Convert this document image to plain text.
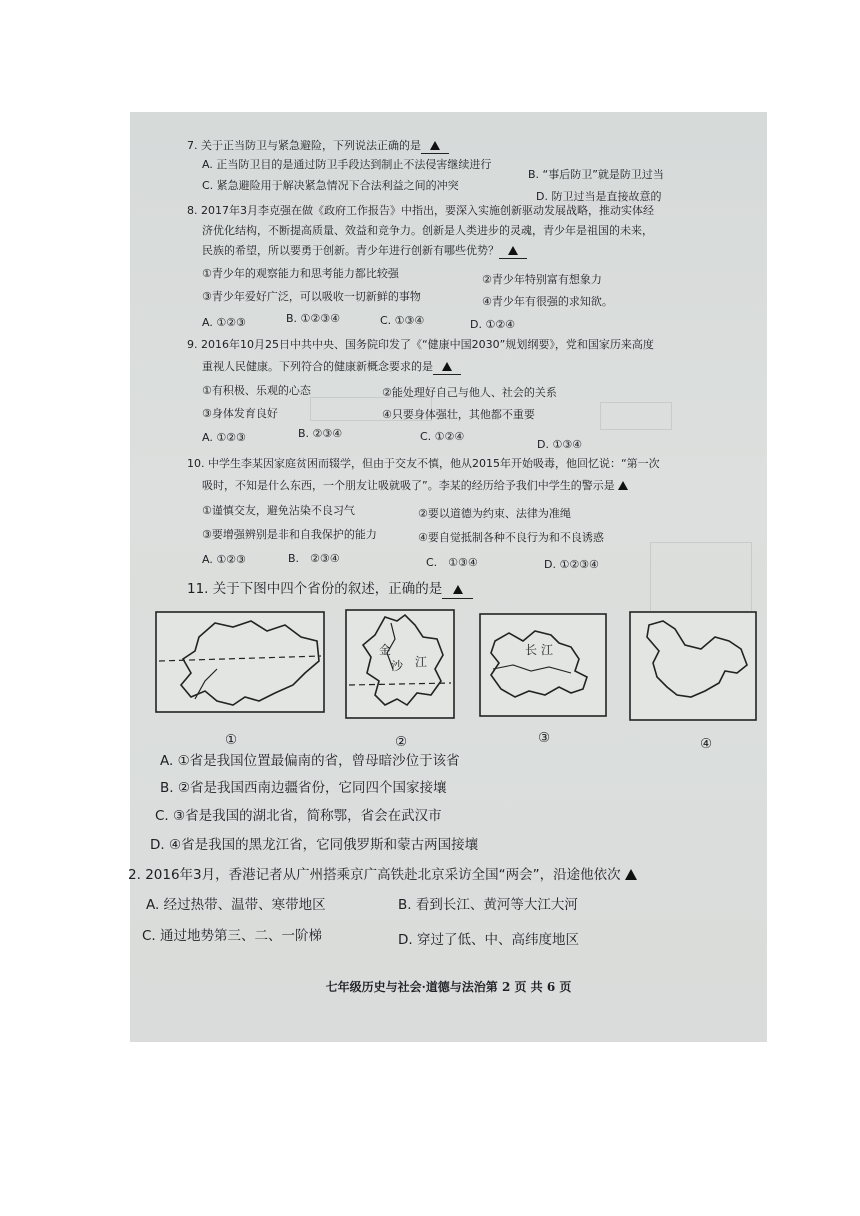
7. 关于正当防卫与紧急避险，下列说法正确的是
A. 正当防卫目的是通过防卫手段达到制止不法侵害继续进行
B. “事后防卫”就是防卫过当
C. 紧急避险用于解决紧急情况下合法利益之间的冲突
D. 防卫过当是直接故意的
8. 2017年3月李克强在做《政府工作报告》中指出，要深入实施创新驱动发展战略，推动实体经
济优化结构，不断提高质量、效益和竞争力。创新是人类进步的灵魂，青少年是祖国的未来，
民族的希望，所以要勇于创新。青少年进行创新有哪些优势？
①青少年的观察能力和思考能力都比较强	②青少年特别富有想象力
③青少年爱好广泛，可以吸收一切新鲜的事物	④青少年有很强的求知欲。
A. ①②③	B. ①②③④	C. ①③④	D. ①②④
9. 2016年10月25日中共中央、国务院印发了《“健康中国2030”规划纲要》，党和国家历来高度
重视人民健康。下列符合的健康新概念要求的是
①有积极、乐观的心态	②能处理好自己与他人、社会的关系
③身体发育良好	④只要身体强壮，其他都不重要
A. ①②③	B. ②③④	C. ①②④
D. ①③④
10. 中学生李某因家庭贫困而辍学，但由于交友不慎，他从2015年开始吸毒，他回忆说：“第一次
吸时，不知是什么东西，一个朋友让吸就吸了”。李某的经历给予我们中学生的警示是
①谨慎交友，避免沾染不良习气	②要以道德为约束、法律为准绳
③要增强辨别是非和自我保护的能力	④要自觉抵制各种不良行为和不良诱惑
A. ①②③	B.　②③④	C.　①③④	D. ①②③④
11. 关于下图中四个省份的叙述，正确的是
①
金
沙 江
②
长 江
③	④
A. ①省是我国位置最偏南的省，曾母暗沙位于该省
B. ②省是我国西南边疆省份，它同四个国家接壤
C. ③省是我国的湖北省，简称鄂，省会在武汉市
D. ④省是我国的黑龙江省，它同俄罗斯和蒙古两国接壤
2. 2016年3月，香港记者从广州搭乘京广高铁赴北京采访全国“两会”，沿途他依次
A. 经过热带、温带、寒带地区	B. 看到长江、黄河等大江大河
C. 通过地势第三、二、一阶梯	D. 穿过了低、中、高纬度地区
七年级历史与社会·道德与法治第 2 页 共 6 页
